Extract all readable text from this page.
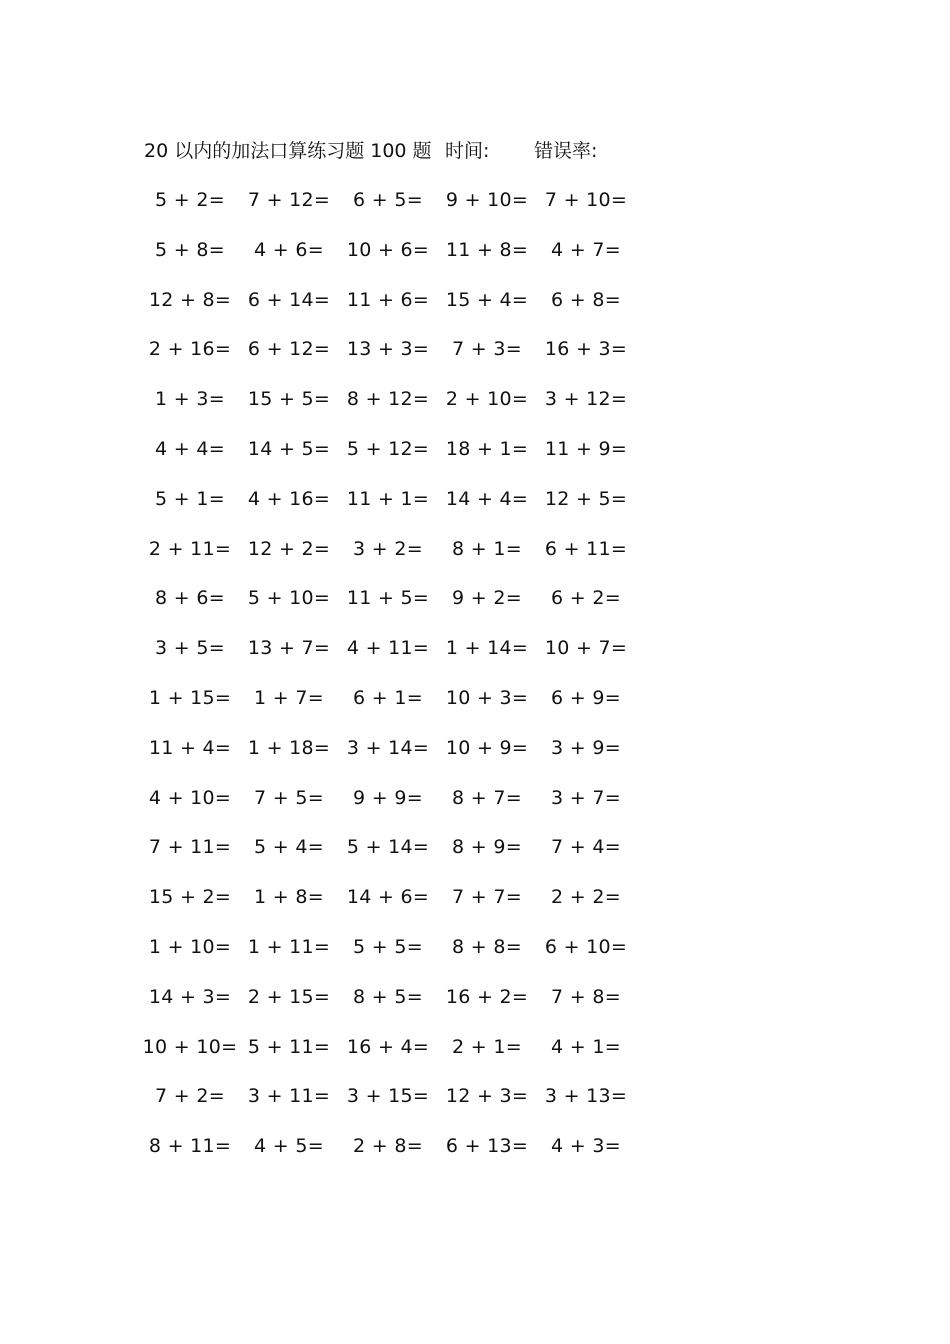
20 以内的加法口算练习题 100 题 时间: 错误率:
5 + 2=	7 + 12=	6 + 5=	9 + 10= 7 + 10=
5 + 8=	4 + 6=	10 + 6= 11 + 8=	4 + 7=
12 + 8= 6 + 14= 11 + 6= 15 + 4=	6 + 8=
2 + 16= 6 + 12= 13 + 3=	7 + 3=	16 + 3=
1 + 3=	15 + 5= 8 + 12= 2 + 10= 3 + 12=
4 + 4=	14 + 5= 5 + 12= 18 + 1= 11 + 9=
5 + 1=	4 + 16= 11 + 1= 14 + 4= 12 + 5=
2 + 11= 12 + 2=	3 + 2=	8 + 1=	6 + 11=
8 + 6=	5 + 10= 11 + 5=	9 + 2=	6 + 2=
3 + 5=	13 + 7= 4 + 11= 1 + 14= 10 + 7=
1 + 15=	1 + 7=	6 + 1=	10 + 3=	6 + 9=
11 + 4= 1 + 18= 3 + 14= 10 + 9=	3 + 9=
4 + 10=	7 + 5=	9 + 9=	8 + 7=	3 + 7=
7 + 11=	5 + 4=	5 + 14=	8 + 9=	7 + 4=
15 + 2=	1 + 8=	14 + 6=	7 + 7=	2 + 2=
1 + 10= 1 + 11=	5 + 5=	8 + 8=	6 + 10=
14 + 3= 2 + 15=	8 + 5=	16 + 2=	7 + 8=
10 + 10= 5 + 11= 16 + 4=	2 + 1=	4 + 1=
7 + 2=	3 + 11= 3 + 15= 12 + 3= 3 + 13=
8 + 11=	4 + 5=	2 + 8=	6 + 13=	4 + 3=
